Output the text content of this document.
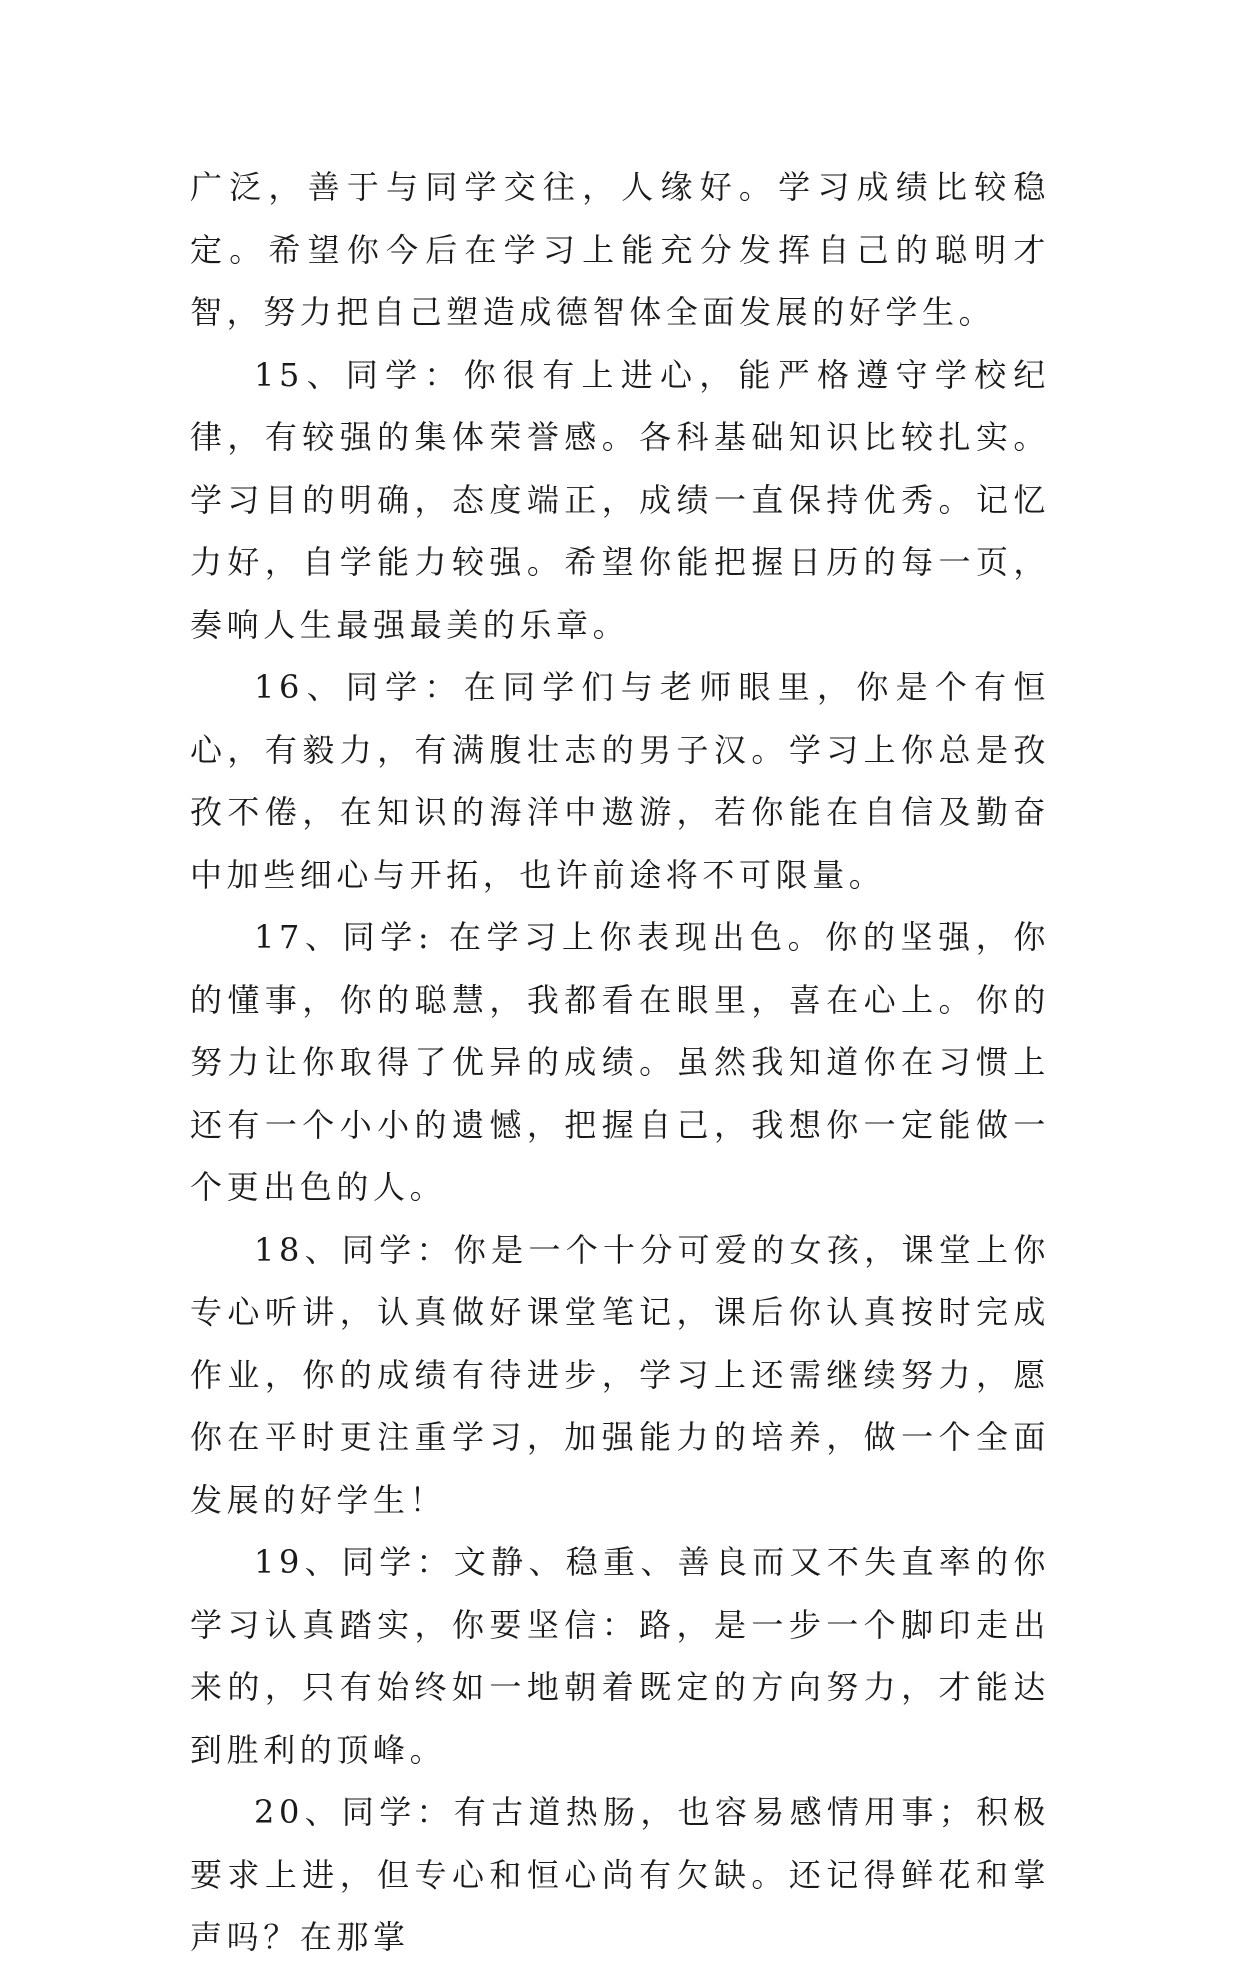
广泛，善于与同学交往，人缘好。学习成绩比较稳定。希望你今后在学习上能充分发挥自己的聪明才智，努力把自己塑造成德智体全面发展的好学生。

15、同学：你很有上进心，能严格遵守学校纪律，有较强的集体荣誉感。各科基础知识比较扎实。学习目的明确，态度端正，成绩一直保持优秀。记忆力好，自学能力较强。希望你能把握日历的每一页，奏响人生最强最美的乐章。

16、同学：在同学们与老师眼里，你是个有恒心，有毅力，有满腹壮志的男子汉。学习上你总是孜孜不倦，在知识的海洋中遨游，若你能在自信及勤奋中加些细心与开拓，也许前途将不可限量。

17、同学: 在学习上你表现出色。你的坚强，你的懂事，你的聪慧，我都看在眼里，喜在心上。你的努力让你取得了优异的成绩。虽然我知道你在习惯上还有一个小小的遗憾，把握自己，我想你一定能做一个更出色的人。

18、同学：你是一个十分可爱的女孩，课堂上你专心听讲，认真做好课堂笔记，课后你认真按时完成作业，你的成绩有待进步，学习上还需继续努力，愿你在平时更注重学习，加强能力的培养，做一个全面发展的好学生！

19、同学：文静、稳重、善良而又不失直率的你学习认真踏实，你要坚信：路，是一步一个脚印走出来的，只有始终如一地朝着既定的方向努力，才能达到胜利的顶峰。

20、同学：有古道热肠，也容易感情用事；积极要求上进，但专心和恒心尚有欠缺。还记得鲜花和掌声吗？在那掌
